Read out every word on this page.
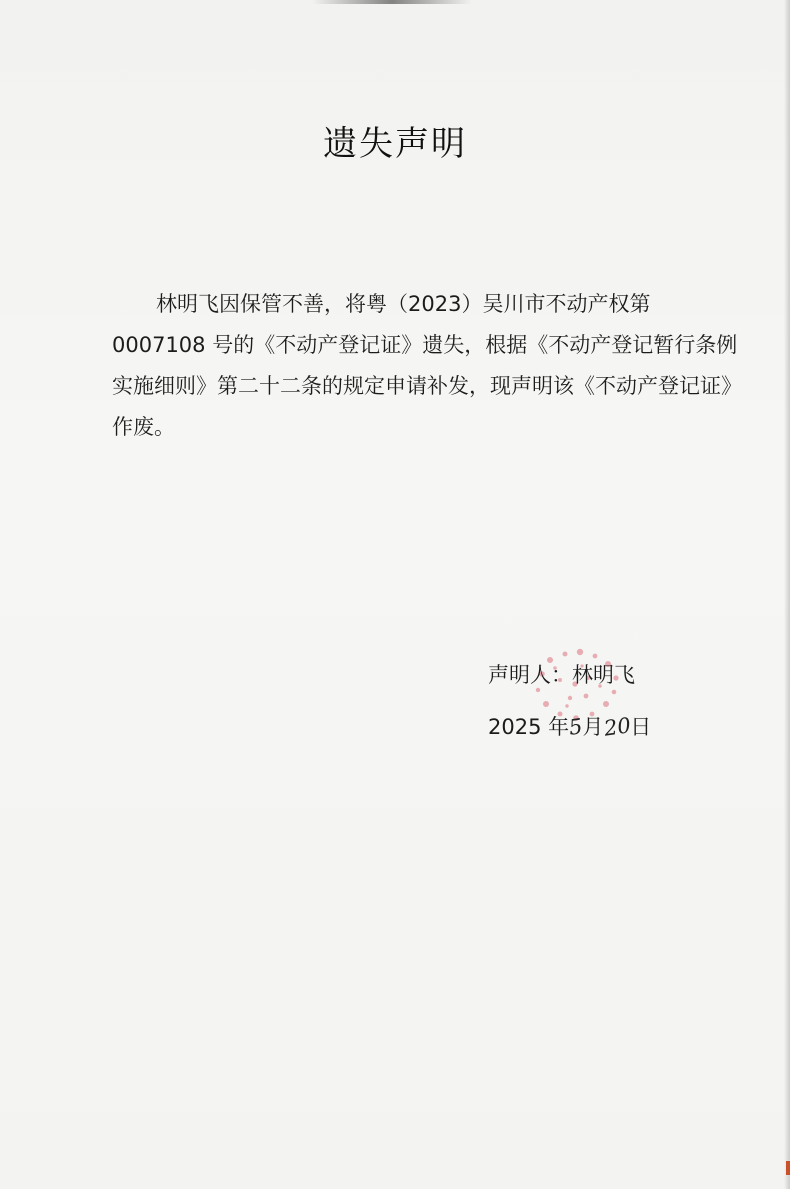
遗失声明
林明飞因保管不善，将粤（2023）吴川市不动产权第
0007108 号的《不动产登记证》遗失，根据《不动产登记暂行条例
实施细则》第二十二条的规定申请补发，现声明该《不动产登记证》
作废。
声明人：林明飞
2025 年5月20日
